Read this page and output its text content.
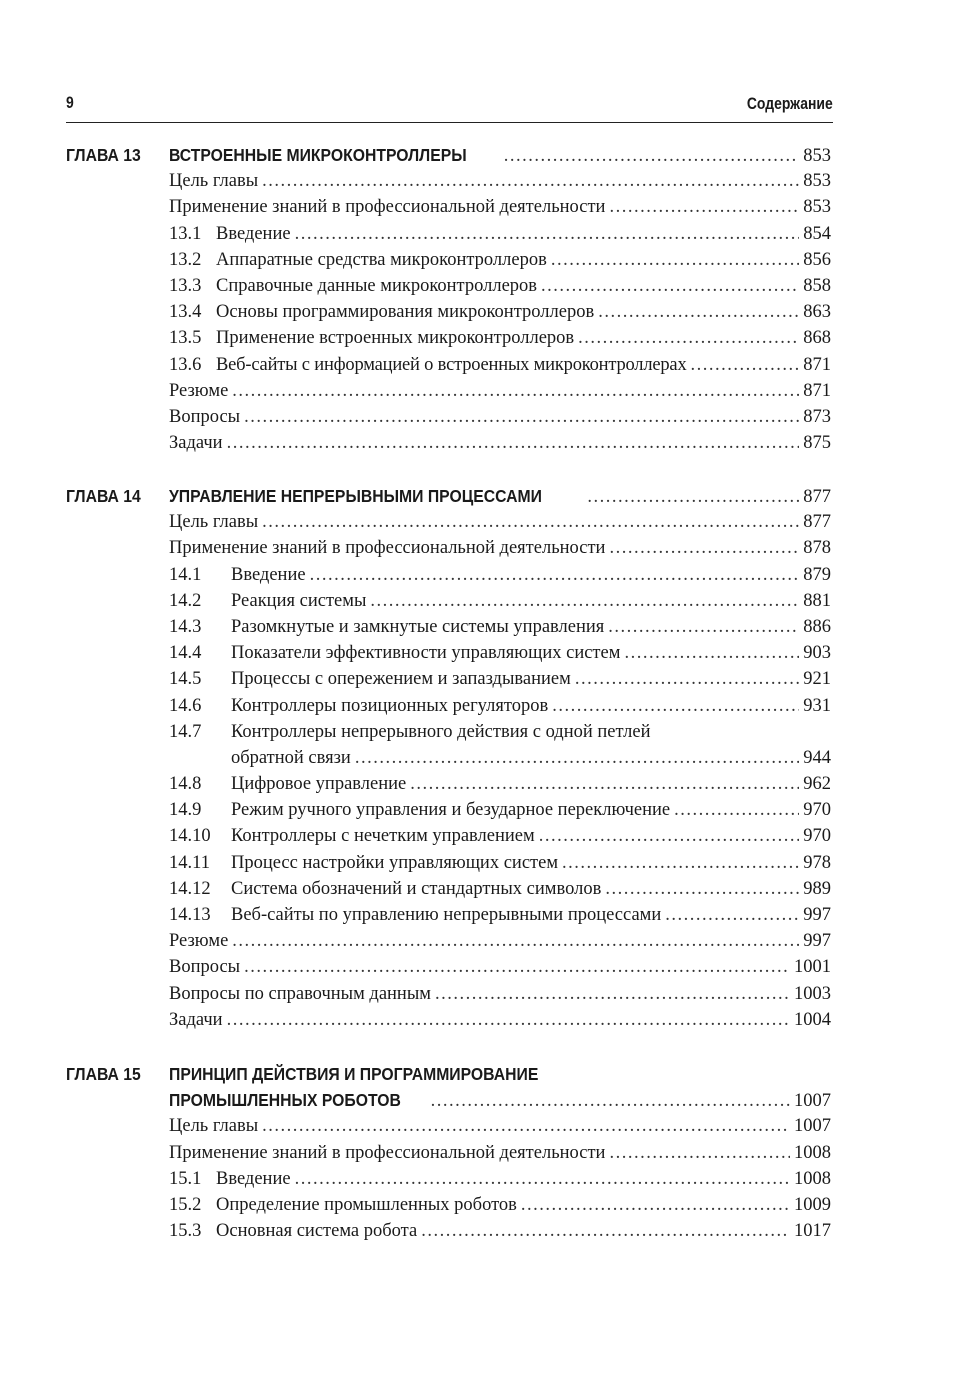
9	Содержание
ГЛАВА 13	ВСТРОЕННЫЕ МИКРОКОНТРОЛЛЕРЫ .....	853
Цель главы .....	853
Применение знаний в профессиональной деятельности .....	853
13.1 Введение .....	854
13.2 Аппаратные средства микроконтроллеров .....	856
13.3 Справочные данные микроконтроллеров .....	858
13.4 Основы программирования микроконтроллеров .....	863
13.5 Применение встроенных микроконтроллеров .....	868
13.6 Веб-сайты с информацией о встроенных микроконтроллерах .....	871
Резюме .....	871
Вопросы .....	873
Задачи .....	875
ГЛАВА 14	УПРАВЛЕНИЕ НЕПРЕРЫВНЫМИ ПРОЦЕССАМИ .....	877
Цель главы .....	877
Применение знаний в профессиональной деятельности .....	878
14.1	Введение .....	879
14.2	Реакция системы .....	881
14.3	Разомкнутые и замкнутые системы управления .....	886
14.4	Показатели эффективности управляющих систем .....	903
14.5	Процессы с опережением и запаздыванием .....	921
14.6	Контроллеры позиционных регуляторов .....	931
14.7	Контроллеры непрерывного действия с одной петлей
обратной связи .....	944
14.8	Цифровое управление .....	962
14.9	Режим ручного управления и безударное переключение .....	970
14.10	Контроллеры с нечетким управлением .....	970
14.11	Процесс настройки управляющих систем .....	978
14.12	Система обозначений и стандартных символов .....	989
14.13	Веб-сайты по управлению непрерывными процессами .....	997
Резюме .....	997
Вопросы .....	1001
Вопросы по справочным данным .....	1003
Задачи .....	1004
ГЛАВА 15	ПРИНЦИП ДЕЙСТВИЯ И ПРОГРАММИРОВАНИЕ
ПРОМЫШЛЕННЫХ РОБОТОВ .....	1007
Цель главы .....	1007
Применение знаний в профессиональной деятельности .....	1008
15.1 Введение .....	1008
15.2 Определение промышленных роботов .....	1009
15.3 Основная система робота .....	1017
